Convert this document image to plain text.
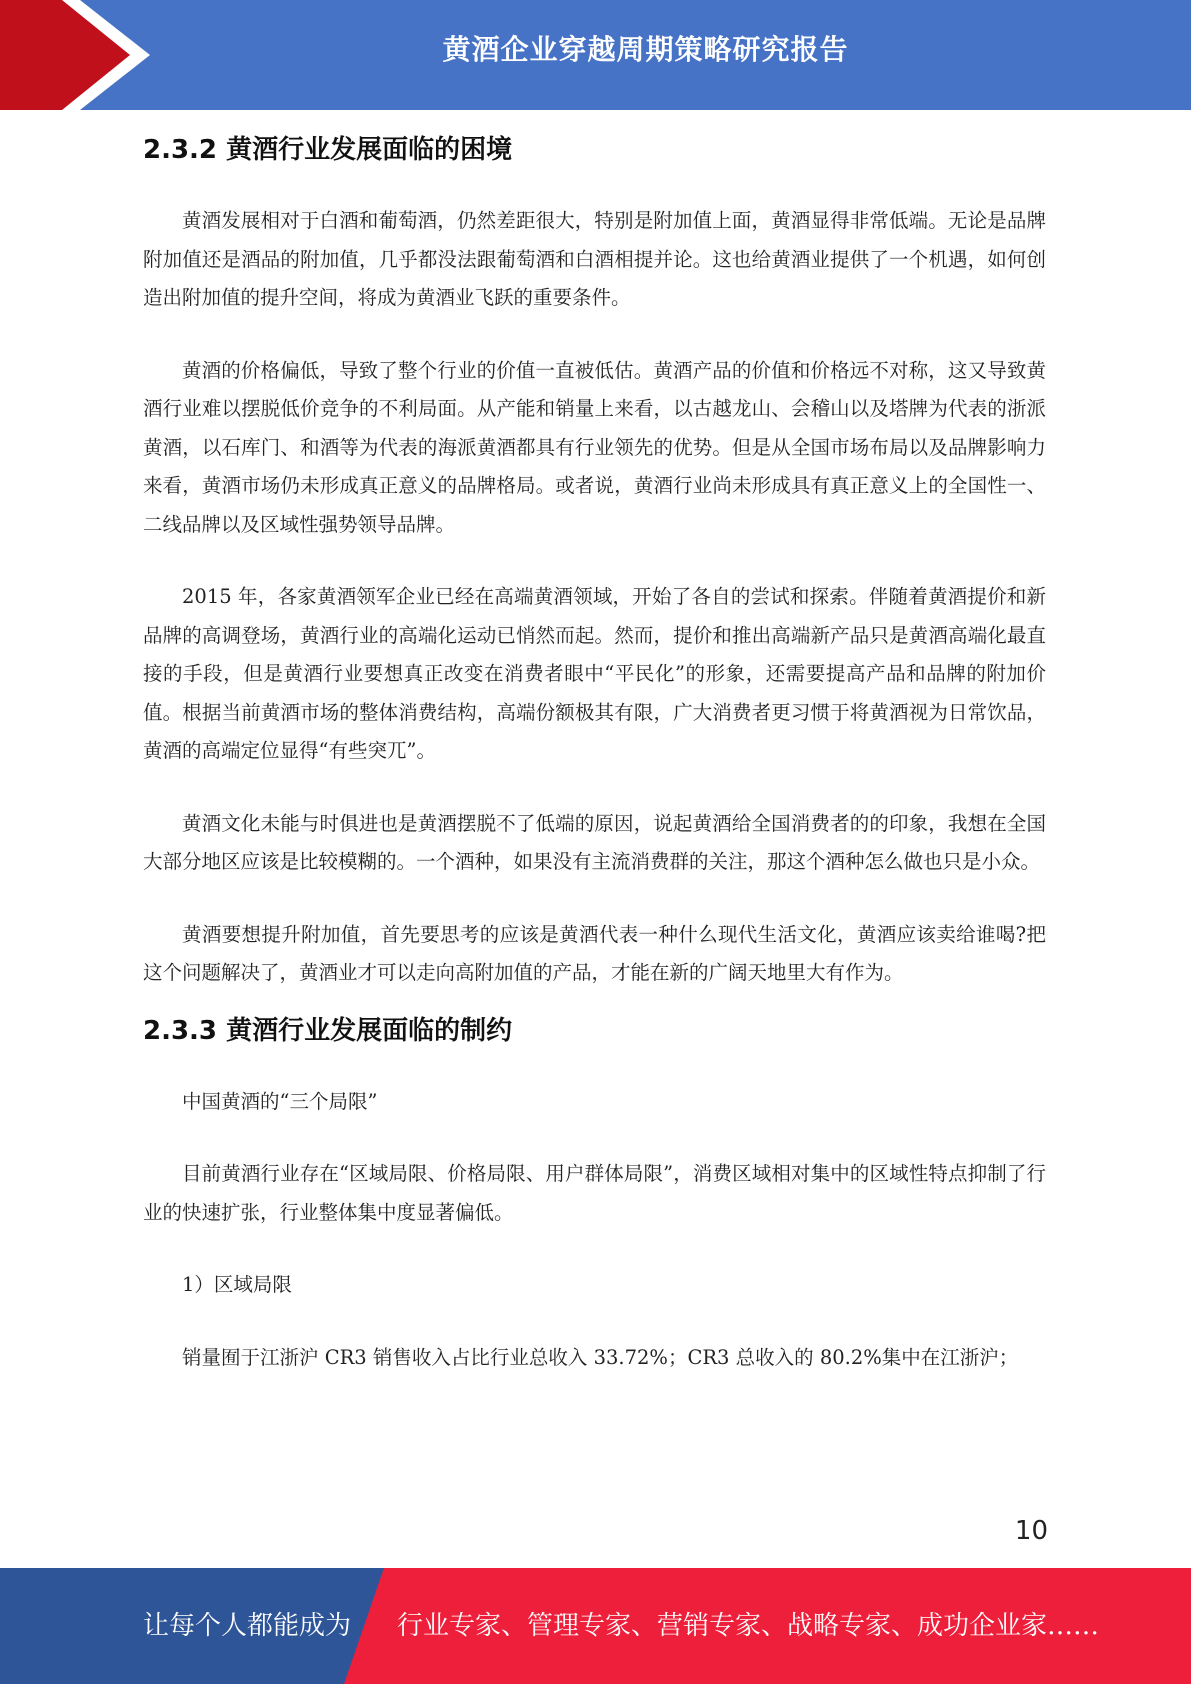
黄酒企业穿越周期策略研究报告
2.3.2 黄酒行业发展面临的困境

黄酒发展相对于白酒和葡萄酒，仍然差距很大，特别是附加值上面，黄酒显得非常低端。无论是品牌附加值还是酒品的附加值，几乎都没法跟葡萄酒和白酒相提并论。这也给黄酒业提供了一个机遇，如何创造出附加值的提升空间，将成为黄酒业飞跃的重要条件。

黄酒的价格偏低，导致了整个行业的价值一直被低估。黄酒产品的价值和价格远不对称，这又导致黄酒行业难以摆脱低价竞争的不利局面。从产能和销量上来看，以古越龙山、会稽山以及塔牌为代表的浙派黄酒，以石库门、和酒等为代表的海派黄酒都具有行业领先的优势。但是从全国市场布局以及品牌影响力来看，黄酒市场仍未形成真正意义的品牌格局。或者说，黄酒行业尚未形成具有真正意义上的全国性一、二线品牌以及区域性强势领导品牌。

2015 年，各家黄酒领军企业已经在高端黄酒领域，开始了各自的尝试和探索。伴随着黄酒提价和新品牌的高调登场，黄酒行业的高端化运动已悄然而起。然而，提价和推出高端新产品只是黄酒高端化最直接的手段，但是黄酒行业要想真正改变在消费者眼中“平民化”的形象，还需要提高产品和品牌的附加价值。根据当前黄酒市场的整体消费结构，高端份额极其有限，广大消费者更习惯于将黄酒视为日常饮品，黄酒的高端定位显得“有些突兀”。

黄酒文化未能与时俱进也是黄酒摆脱不了低端的原因，说起黄酒给全国消费者的的印象，我想在全国大部分地区应该是比较模糊的。一个酒种，如果没有主流消费群的关注，那这个酒种怎么做也只是小众。

黄酒要想提升附加值，首先要思考的应该是黄酒代表一种什么现代生活文化，黄酒应该卖给谁喝?把这个问题解决了，黄酒业才可以走向高附加值的产品，才能在新的广阔天地里大有作为。

2.3.3 黄酒行业发展面临的制约

中国黄酒的“三个局限”

目前黄酒行业存在“区域局限、价格局限、用户群体局限”，消费区域相对集中的区域性特点抑制了行业的快速扩张，行业整体集中度显著偏低。

1）区域局限

销量囿于江浙沪 CR3 销售收入占比行业总收入 33.72%；CR3 总收入的 80.2%集中在江浙沪；

10
让每个人都能成为 行业专家、管理专家、营销专家、战略专家、成功企业家……
